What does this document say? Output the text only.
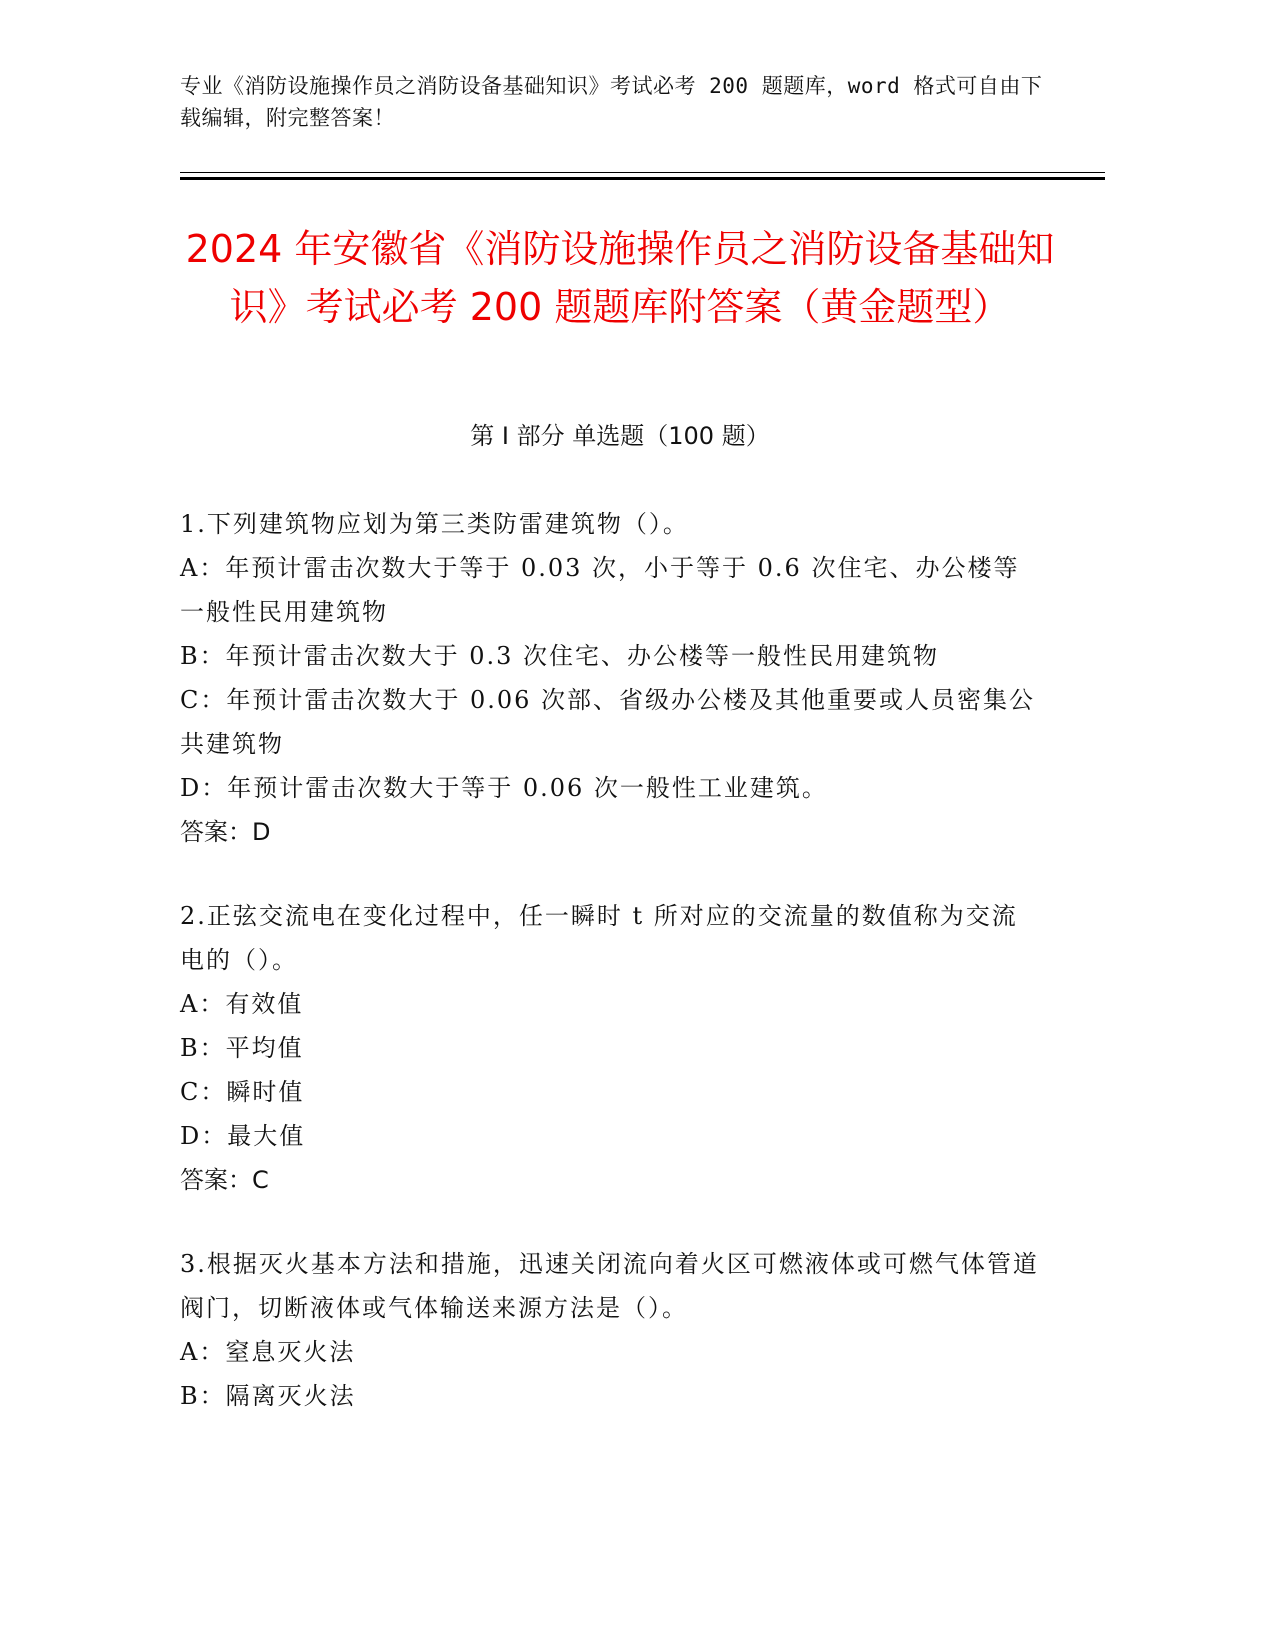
专业《消防设施操作员之消防设备基础知识》考试必考 200 题题库，word 格式可自由下载编辑，附完整答案！
2024 年安徽省《消防设施操作员之消防设备基础知识》考试必考 200 题题库附答案（黄金题型）
第 I 部分 单选题（100 题）

1.下列建筑物应划为第三类防雷建筑物（）。

A：年预计雷击次数大于等于 0.03 次，小于等于 0.6 次住宅、办公楼等一般性民用建筑物

B：年预计雷击次数大于 0.3 次住宅、办公楼等一般性民用建筑物

C：年预计雷击次数大于 0.06 次部、省级办公楼及其他重要或人员密集公共建筑物

D：年预计雷击次数大于等于 0.06 次一般性工业建筑。

答案：D

2.正弦交流电在变化过程中，任一瞬时 t 所对应的交流量的数值称为交流电的（）。

A：有效值

B：平均值

C：瞬时值

D：最大值

答案：C

3.根据灭火基本方法和措施，迅速关闭流向着火区可燃液体或可燃气体管道阀门，切断液体或气体输送来源方法是（）。

A：窒息灭火法

B：隔离灭火法
